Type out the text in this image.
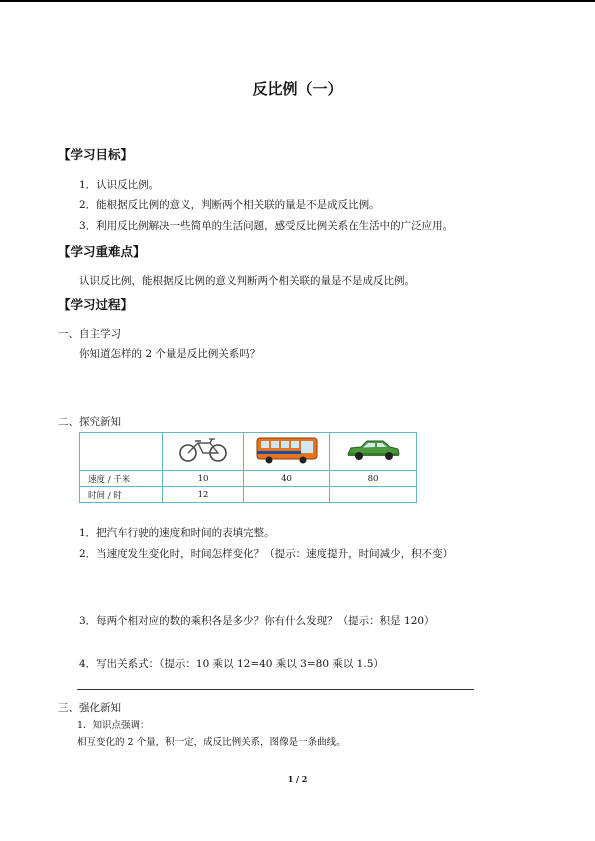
反比例（一）
【学习目标】
1．认识反比例。
2．能根据反比例的意义，判断两个相关联的量是不是成反比例。
3．利用反比例解决一些简单的生活问题，感受反比例关系在生活中的广泛应用。
【学习重难点】
认识反比例，能根据反比例的意义判断两个相关联的量是不是成反比例。
【学习过程】
一、自主学习
你知道怎样的 2 个量是反比例关系吗？
二、探究新知

速度 / 千米	10	40	80
时间 / 时	12		
1．把汽车行驶的速度和时间的表填完整。
2．当速度发生变化时，时间怎样变化？（提示：速度提升，时间减少，积不变）
3．每两个相对应的数的乘积各是多少？你有什么发现？（提示：积是 120）
4．写出关系式：（提示：10 乘以 12=40 乘以 3=80 乘以 1.5）
三、强化新知
1．知识点强调：
相互变化的 2 个量，积一定，成反比例关系，图像是一条曲线。
1 / 2
